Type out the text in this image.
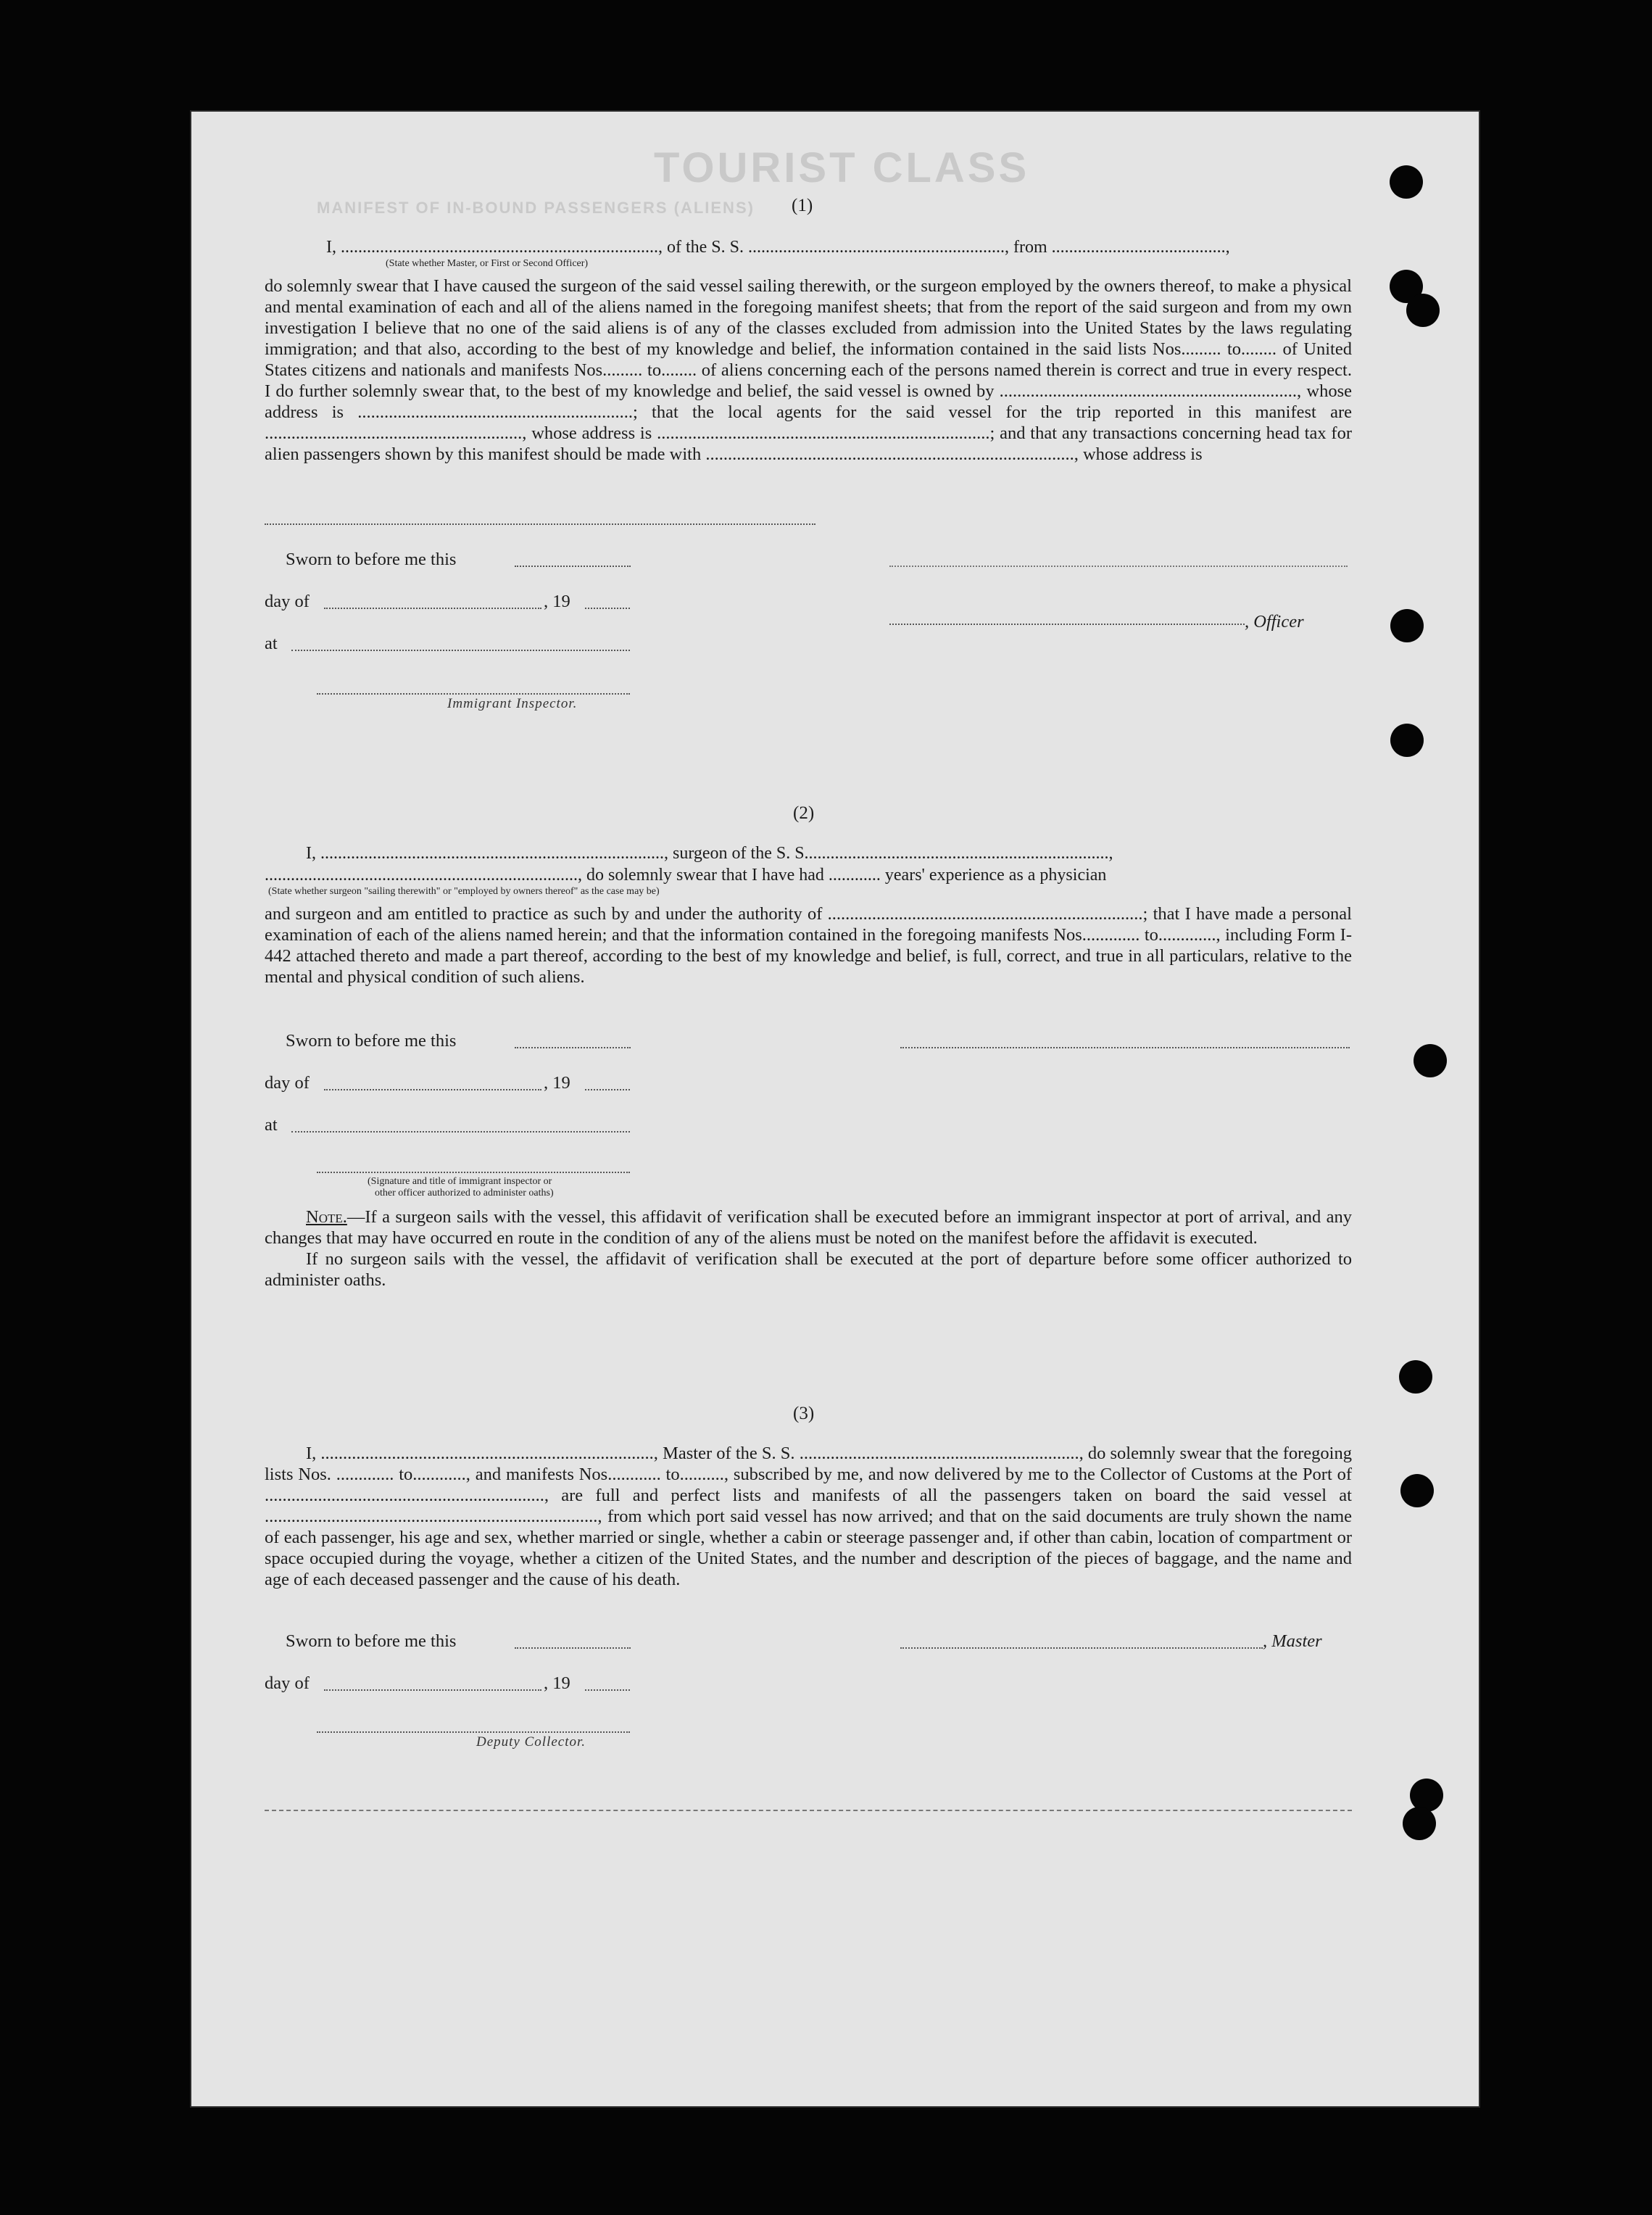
TOURIST CLASS
MANIFEST OF IN-BOUND PASSENGERS (ALIENS) (1)
I, ........................................................................., of the S. S. ..........................................................., from ........................................,
(State whether Master, or First or Second Officer)

do solemnly swear that I have caused the surgeon of the said vessel sailing therewith, or the surgeon employed by the owners thereof, to make a physical and mental examination of each and all of the aliens named in the foregoing manifest sheets; that from the report of the said surgeon and from my own investigation I believe that no one of the said aliens is of any of the classes excluded from admission into the United States by the laws regulating immigration; and that also, according to the best of my knowledge and belief, the information contained in the said lists Nos......... to........ of United States citizens and nationals and manifests Nos......... to........ of aliens concerning each of the persons named therein is correct and true in every respect. I do further solemnly swear that, to the best of my knowledge and belief, the said vessel is owned by ..................................................................., whose address is ..............................................................; that the local agents for the said vessel for the trip reported in this manifest are .........................................................., whose address is ...........................................................................; and that any transactions concerning head tax for alien passengers shown by this manifest should be made with ..................................................................................., whose address is

Sworn to before me this
day of	, 19
, Officer
at
Immigrant Inspector.
(2)
I, ..............................................................................., surgeon of the S. S......................................................................,
........................................................................, do solemnly swear that I have had ............ years' experience as a physician
(State whether surgeon "sailing therewith" or "employed by owners thereof" as the case may be)

and surgeon and am entitled to practice as such by and under the authority of .......................................................................; that I have made a personal examination of each of the aliens named herein; and that the information contained in the foregoing manifests Nos............. to............., including Form I-442 attached thereto and made a part thereof, according to the best of my knowledge and belief, is full, correct, and true in all particulars, relative to the mental and physical condition of such aliens.

Sworn to before me this
day of	, 19
at
(Signature and title of immigrant inspector or
other officer authorized to administer oaths)

Note.—If a surgeon sails with the vessel, this affidavit of verification shall be executed before an immigrant inspector at port of arrival, and any changes that may have occurred en route in the condition of any of the aliens must be noted on the manifest before the affidavit is executed.

If no surgeon sails with the vessel, the affidavit of verification shall be executed at the port of departure before some officer authorized to administer oaths.

(3)

I, ..........................................................................., Master of the S. S. ..............................................................., do solemnly swear that the foregoing lists Nos. ............. to............, and manifests Nos............ to.........., subscribed by me, and now delivered by me to the Collector of Customs at the Port of ..............................................................., are full and perfect lists and manifests of all the passengers taken on board the said vessel at ..........................................................................., from which port said vessel has now arrived; and that on the said documents are truly shown the name of each passenger, his age and sex, whether married or single, whether a cabin or steerage passenger and, if other than cabin, location of compartment or space occupied during the voyage, whether a citizen of the United States, and the number and description of the pieces of baggage, and the name and age of each deceased passenger and the cause of his death.

Sworn to before me this	, Master
day of	, 19
Deputy Collector.
